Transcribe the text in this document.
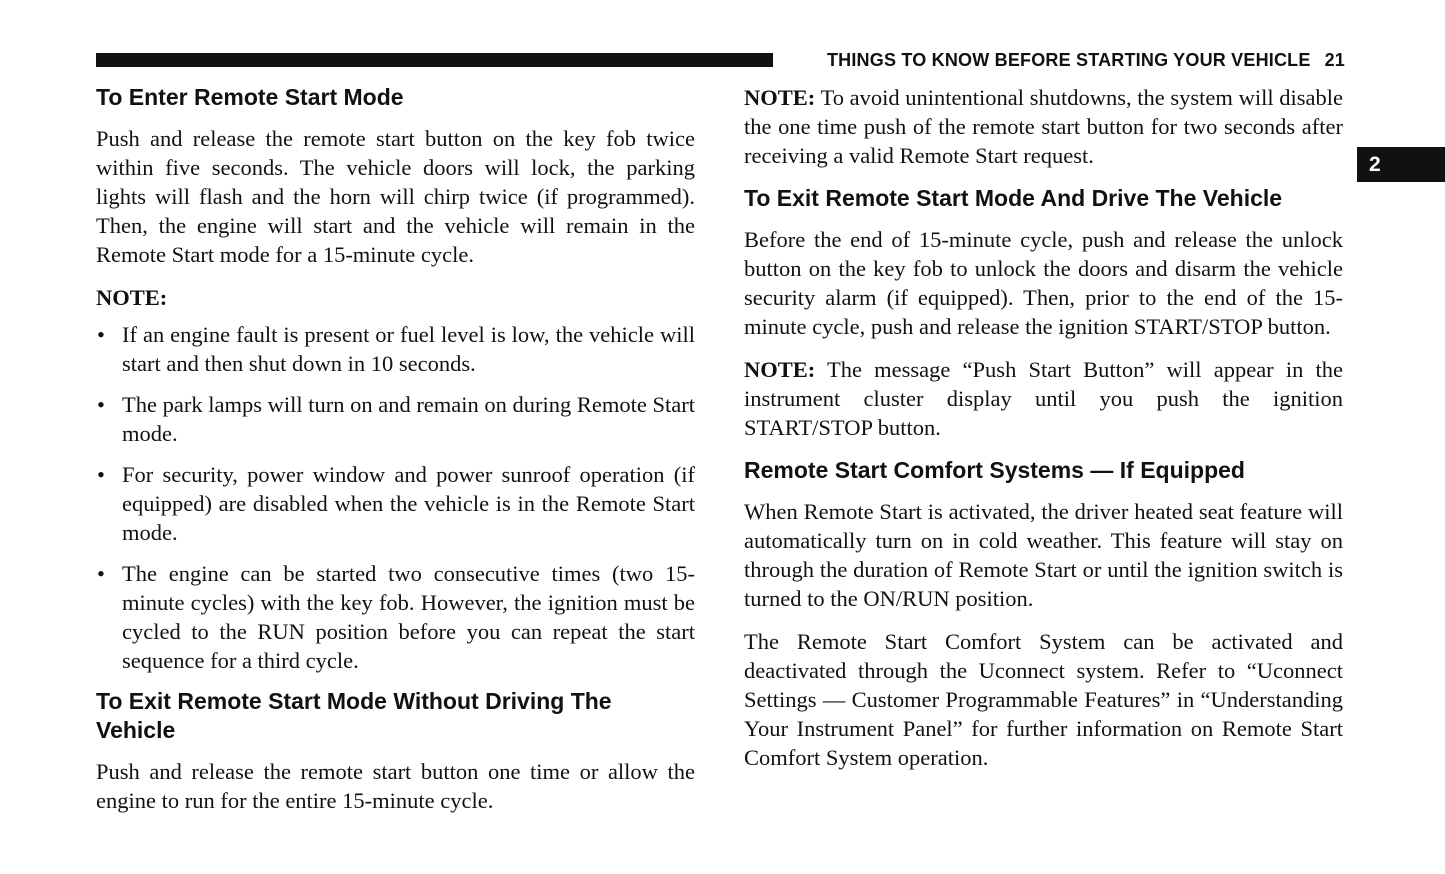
THINGS TO KNOW BEFORE STARTING YOUR VEHICLE 21
2
To Enter Remote Start Mode

Push and release the remote start button on the key fob twice within five seconds. The vehicle doors will lock, the parking lights will flash and the horn will chirp twice (if programmed). Then, the engine will start and the vehicle will remain in the Remote Start mode for a 15-minute cycle.

NOTE:

• If an engine fault is present or fuel level is low, the vehicle will start and then shut down in 10 seconds.
• The park lamps will turn on and remain on during Remote Start mode.
• For security, power window and power sunroof operation (if equipped) are disabled when the vehicle is in the Remote Start mode.
• The engine can be started two consecutive times (two 15-minute cycles) with the key fob. However, the ignition must be cycled to the RUN position before you can repeat the start sequence for a third cycle.
To Exit Remote Start Mode Without Driving The Vehicle

Push and release the remote start button one time or allow the engine to run for the entire 15-minute cycle.

NOTE: To avoid unintentional shutdowns, the system will disable the one time push of the remote start button for two seconds after receiving a valid Remote Start request.

To Exit Remote Start Mode And Drive The Vehicle

Before the end of 15-minute cycle, push and release the unlock button on the key fob to unlock the doors and disarm the vehicle security alarm (if equipped). Then, prior to the end of the 15-minute cycle, push and release the ignition START/STOP button.

NOTE: The message “Push Start Button” will appear in the instrument cluster display until you push the ignition START/STOP button.

Remote Start Comfort Systems — If Equipped

When Remote Start is activated, the driver heated seat feature will automatically turn on in cold weather. This feature will stay on through the duration of Remote Start or until the ignition switch is turned to the ON/RUN position.

The Remote Start Comfort System can be activated and deactivated through the Uconnect system. Refer to “Uconnect Settings — Customer Programmable Features” in “Understanding Your Instrument Panel” for further information on Remote Start Comfort System operation.
